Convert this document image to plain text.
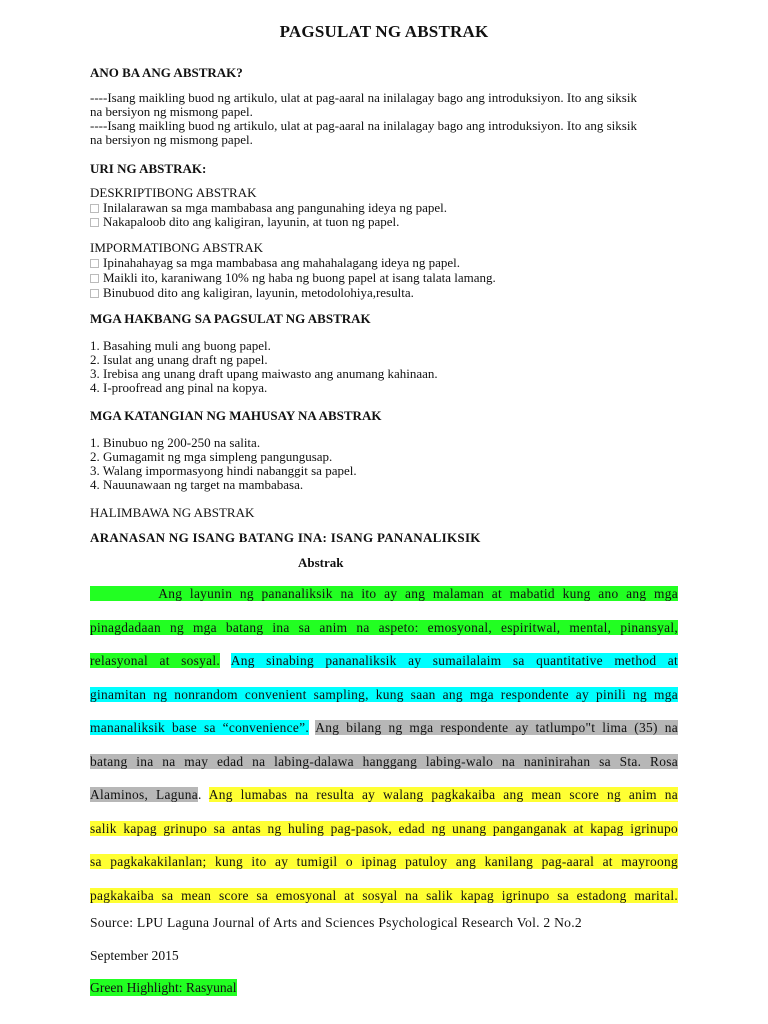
PAGSULAT NG ABSTRAK
ANO BA ANG ABSTRAK?
----Isang maikling buod ng artikulo, ulat at pag-aaral na inilalagay bago ang introduksiyon. Ito ang siksik
na bersiyon ng mismong papel.
----Isang maikling buod ng artikulo, ulat at pag-aaral na inilalagay bago ang introduksiyon. Ito ang siksik
na bersiyon ng mismong papel.
URI NG ABSTRAK:
DESKRIPTIBONG ABSTRAK
Inilalarawan sa mga mambabasa ang pangunahing ideya ng papel.
Nakapaloob dito ang kaligiran, layunin, at tuon ng papel.
IMPORMATIBONG ABSTRAK
Ipinahahayag sa mga mambabasa ang mahahalagang ideya ng papel.
Maikli ito, karaniwang 10% ng haba ng buong papel at isang talata lamang.
Binubuod dito ang kaligiran, layunin, metodolohiya,resulta.
MGA HAKBANG SA PAGSULAT NG ABSTRAK
1. Basahing muli ang buong papel.
2. Isulat ang unang draft ng papel.
3. Irebisa ang unang draft upang maiwasto ang anumang kahinaan.
4. I-proofread ang pinal na kopya.
MGA KATANGIAN NG MAHUSAY NA ABSTRAK
1. Binubuo ng 200-250 na salita.
2. Gumagamit ng mga simpleng pangungusap.
3. Walang impormasyong hindi nabanggit sa papel.
4. Nauunawaan ng target na mambabasa.
HALIMBAWA NG ABSTRAK
ARANASAN NG ISANG BATANG INA: ISANG PANANALIKSIK
Abstrak
Ang layunin ng pananaliksik na ito ay ang malaman at mabatid kung ano ang mga
pinagdadaan ng mga batang ina sa anim na aspeto: emosyonal, espiritwal, mental, pinansyal,
relasyonal at sosyal. Ang sinabing pananaliksik ay sumailalaim sa quantitative method at
ginamitan ng nonrandom convenient sampling, kung saan ang mga respondente ay pinili ng mga
mananaliksik base sa “convenience”. Ang bilang ng mga respondente ay tatlumpo"t lima (35) na
batang ina na may edad na labing-dalawa hanggang labing-walo na naninirahan sa Sta. Rosa
Alaminos, Laguna. Ang lumabas na resulta ay walang pagkakaiba ang mean score ng anim na
salik kapag grinupo sa antas ng huling pag-pasok, edad ng unang panganganak at kapag igrinupo
sa pagkakakilanlan; kung ito ay tumigil o ipinag patuloy ang kanilang pag-aaral at mayroong
pagkakaiba sa mean score sa emosyonal at sosyal na salik kapag igrinupo sa estadong marital.
Source: LPU Laguna Journal of Arts and Sciences Psychological Research Vol. 2 No.2
September 2015
Green Highlight: Rasyunal
